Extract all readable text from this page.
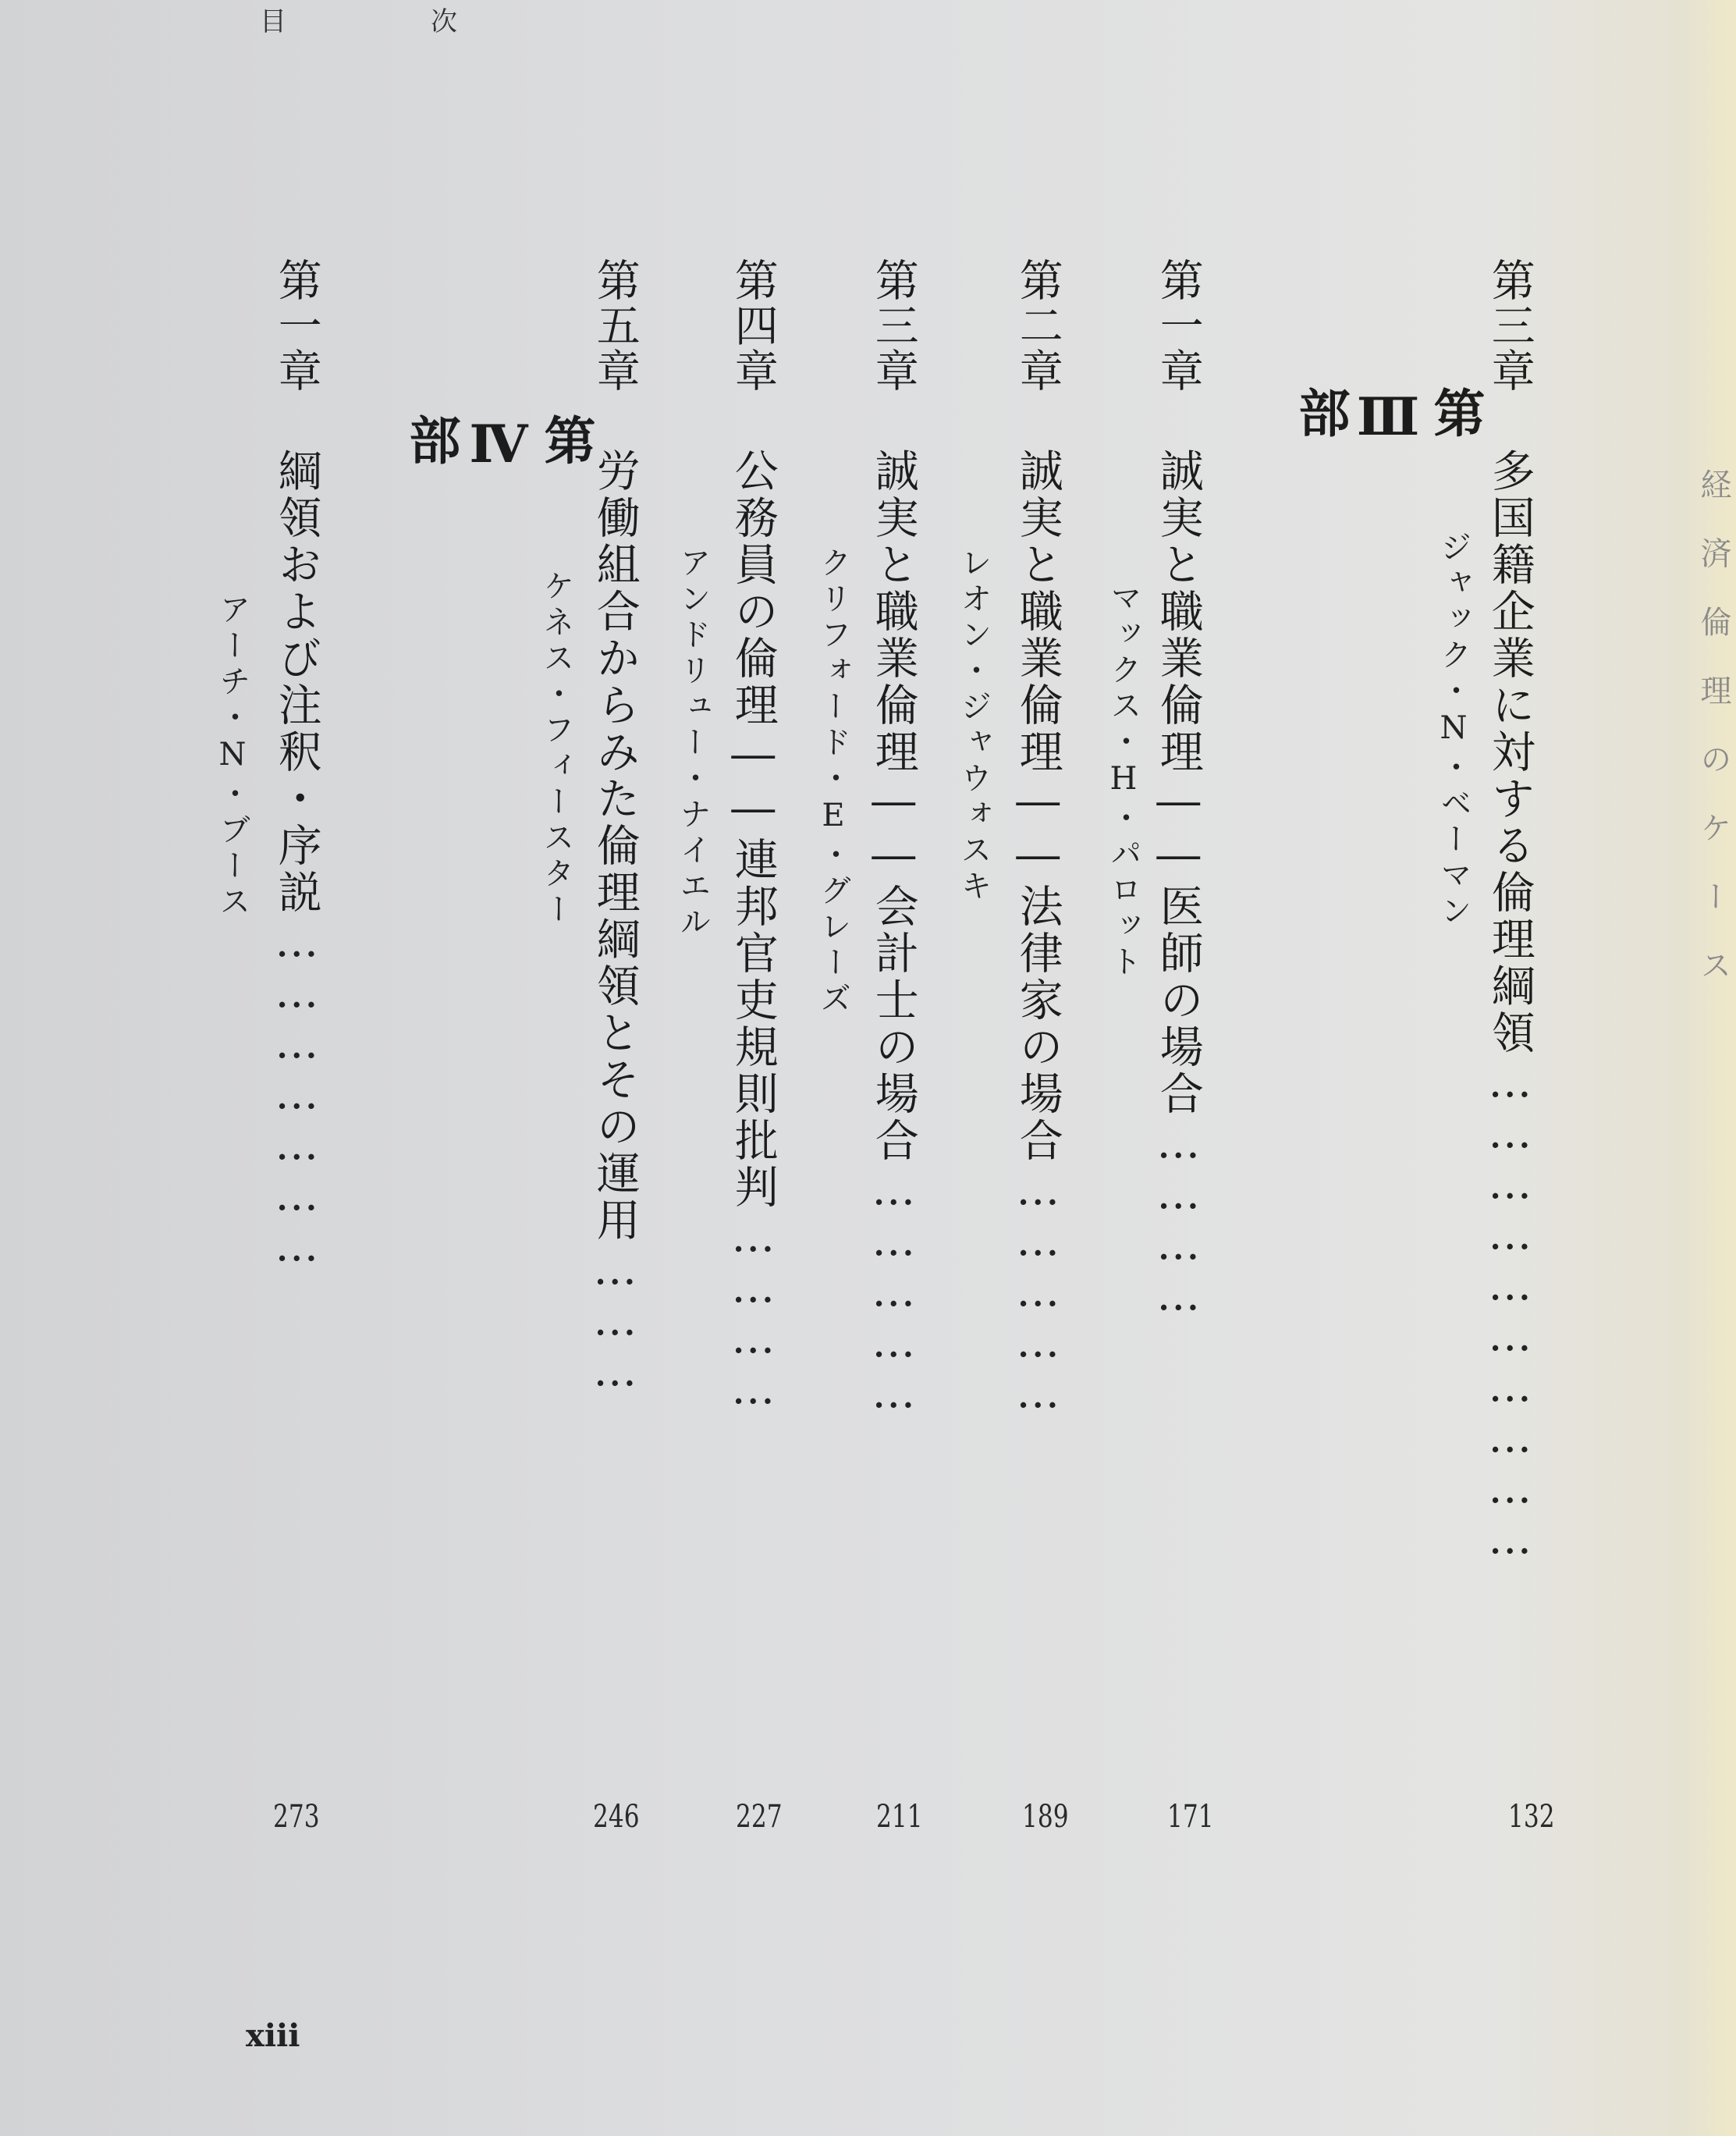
目	次
第三章多国籍企業に対する倫理綱領…………………………
ジャック・N・ベーマン
132
第
Ⅲ
部
第一章誠実と職業倫理――医師の場合…………
マックス・H・パロット
171
第二章誠実と職業倫理――法律家の場合……………
レオン・ジャウォスキ
189
第三章誠実と職業倫理――会計士の場合……………
クリフォード・E・グレーズ
211
第四章公務員の倫理――連邦官吏規則批判…………
アンドリュー・ナイエル
227
第五章労働組合からみた倫理綱領とその運用………
ケネス・フィースター
246
第
Ⅳ
部
第一章綱領および注釈・序説…………………
アーチ・N・ブース
273
xiii
経　済　倫　理　の　ケ　ー　ス
